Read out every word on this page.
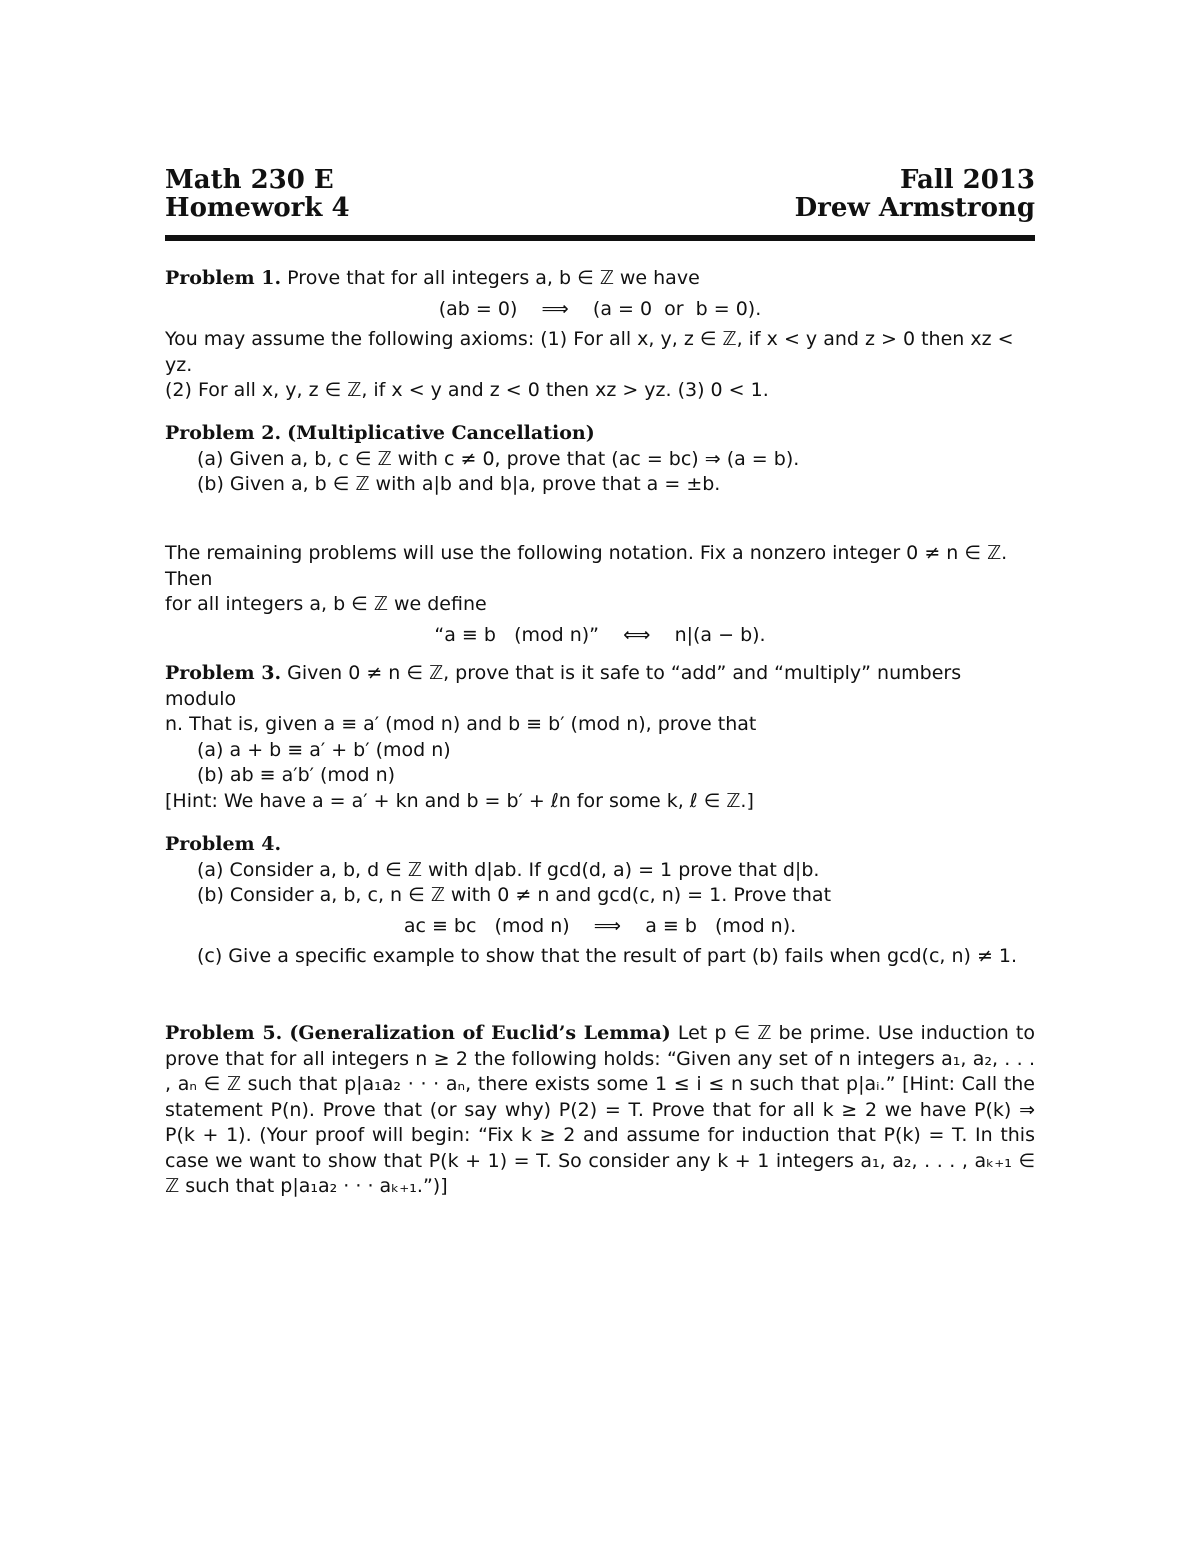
Math 230 E	Fall 2013
Homework 4	Drew Armstrong
Problem 1. Prove that for all integers a, b ∈ ℤ we have
(ab = 0)    ⟹    (a = 0  or  b = 0).
You may assume the following axioms: (1) For all x, y, z ∈ ℤ, if x < y and z > 0 then xz < yz.
(2) For all x, y, z ∈ ℤ, if x < y and z < 0 then xz > yz. (3) 0 < 1.
Problem 2. (Multiplicative Cancellation)
(a) Given a, b, c ∈ ℤ with c ≠ 0, prove that (ac = bc) ⇒ (a = b).
(b) Given a, b ∈ ℤ with a|b and b|a, prove that a = ±b.
The remaining problems will use the following notation. Fix a nonzero integer 0 ≠ n ∈ ℤ. Then
for all integers a, b ∈ ℤ we define
“a ≡ b   (mod n)”    ⟺    n|(a − b).
Problem 3. Given 0 ≠ n ∈ ℤ, prove that is it safe to “add” and “multiply” numbers modulo
n. That is, given a ≡ a′ (mod n) and b ≡ b′ (mod n), prove that
(a) a + b ≡ a′ + b′ (mod n)
(b) ab ≡ a′b′ (mod n)
[Hint: We have a = a′ + kn and b = b′ + ℓn for some k, ℓ ∈ ℤ.]
Problem 4.
(a) Consider a, b, d ∈ ℤ with d|ab. If gcd(d, a) = 1 prove that d|b.
(b) Consider a, b, c, n ∈ ℤ with 0 ≠ n and gcd(c, n) = 1. Prove that
ac ≡ bc   (mod n)    ⟹    a ≡ b   (mod n).
(c) Give a specific example to show that the result of part (b) fails when gcd(c, n) ≠ 1.
Problem 5. (Generalization of Euclid’s Lemma) Let p ∈ ℤ be prime. Use induction to prove that for all integers n ≥ 2 the following holds: “Given any set of n integers a₁, a₂, . . . , aₙ ∈ ℤ such that p|a₁a₂ · · · aₙ, there exists some 1 ≤ i ≤ n such that p|aᵢ.” [Hint: Call the statement P(n). Prove that (or say why) P(2) = T. Prove that for all k ≥ 2 we have P(k) ⇒ P(k + 1). (Your proof will begin: “Fix k ≥ 2 and assume for induction that P(k) = T. In this case we want to show that P(k + 1) = T. So consider any k + 1 integers a₁, a₂, . . . , aₖ₊₁ ∈ ℤ such that p|a₁a₂ · · · aₖ₊₁.”)]
